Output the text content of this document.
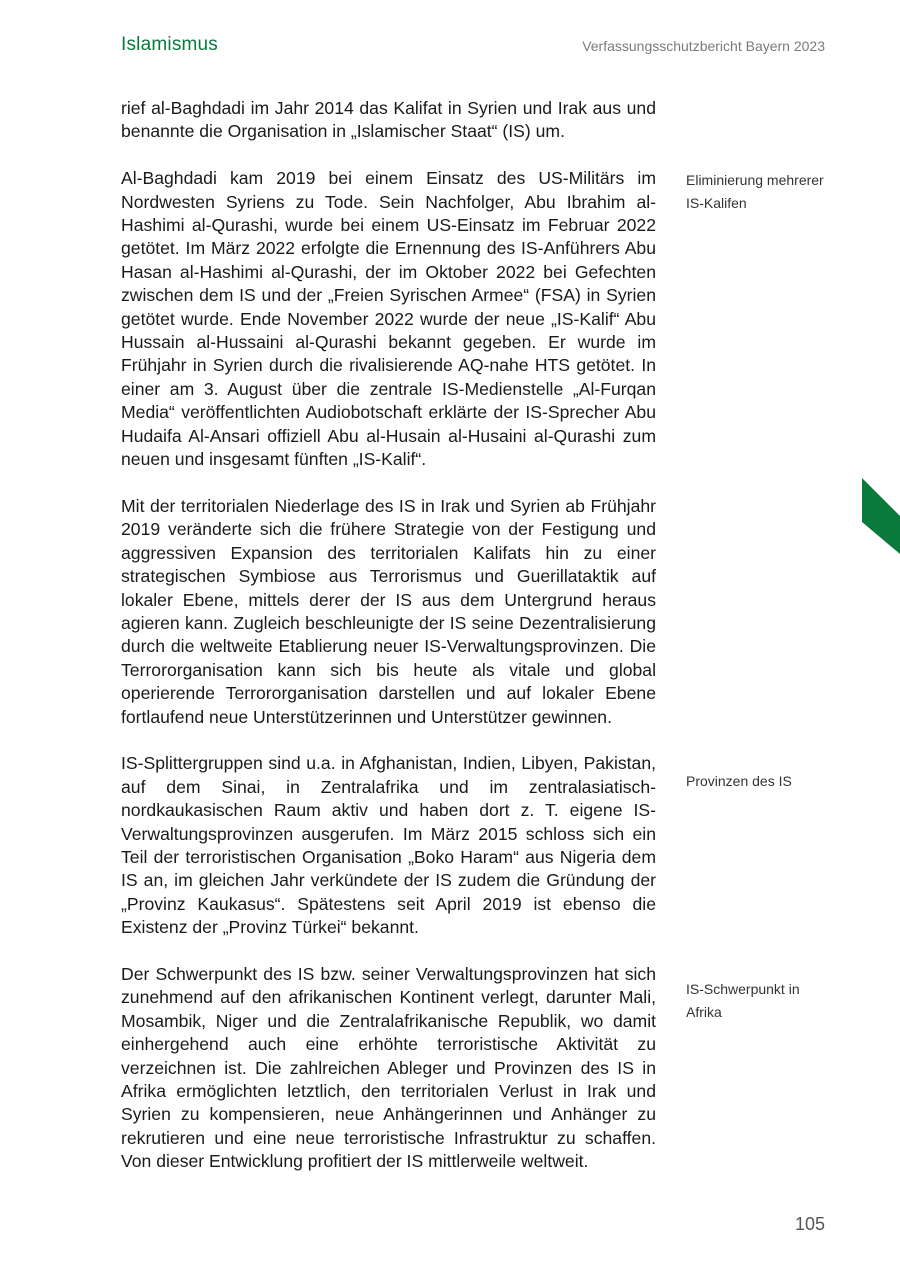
Islamismus	Verfassungsschutzbericht Bayern 2023

rief al-Baghdadi im Jahr 2014 das Kalifat in Syrien und Irak aus und benannte die Organisation in „Islamischer Staat“ (IS) um.

Al-Baghdadi kam 2019 bei einem Einsatz des US-Militärs im Nordwesten Syriens zu Tode. Sein Nachfolger, Abu Ibrahim al-Hashimi al-Qurashi, wurde bei einem US-Einsatz im Februar 2022 getötet. Im März 2022 erfolgte die Ernennung des IS-Anführers Abu Hasan al-Hashimi al-Qurashi, der im Oktober 2022 bei Gefechten zwischen dem IS und der „Freien Syrischen Armee“ (FSA) in Syrien getötet wurde. Ende November 2022 wurde der neue „IS-Kalif“ Abu Hussain al-Hussaini al-Qurashi bekannt gegeben. Er wurde im Frühjahr in Syrien durch die rivalisierende AQ-nahe HTS getötet. In einer am 3. August über die zentrale IS-Medienstelle „Al-Furqan Media“ veröffentlichten Audiobotschaft erklärte der IS-Sprecher Abu Hudaifa Al-Ansari offiziell Abu al-Husain al-Husaini al-Qurashi zum neuen und insgesamt fünften „IS-Kalif“.

Mit der territorialen Niederlage des IS in Irak und Syrien ab Frühjahr 2019 veränderte sich die frühere Strategie von der Festigung und aggressiven Expansion des territorialen Kalifats hin zu einer strategischen Symbiose aus Terrorismus und Guerillataktik auf lokaler Ebene, mittels derer der IS aus dem Untergrund heraus agieren kann. Zugleich beschleunigte der IS seine Dezentralisierung durch die weltweite Etablierung neuer IS-Verwaltungsprovinzen. Die Terrororganisation kann sich bis heute als vitale und global operierende Terrororganisation darstellen und auf lokaler Ebene fortlaufend neue Unterstützerinnen und Unterstützer gewinnen.

IS-Splittergruppen sind u.a. in Afghanistan, Indien, Libyen, Pakistan, auf dem Sinai, in Zentralafrika und im zentralasiatisch-nordkaukasischen Raum aktiv und haben dort z. T. eigene IS-Verwaltungsprovinzen ausgerufen. Im März 2015 schloss sich ein Teil der terroristischen Organisation „Boko Haram“ aus Nigeria dem IS an, im gleichen Jahr verkündete der IS zudem die Gründung der „Provinz Kaukasus“. Spätestens seit April 2019 ist ebenso die Existenz der „Provinz Türkei“ bekannt.

Der Schwerpunkt des IS bzw. seiner Verwaltungsprovinzen hat sich zunehmend auf den afrikanischen Kontinent verlegt, darunter Mali, Mosambik, Niger und die Zentralafrikanische Republik, wo damit einhergehend auch eine erhöhte terroristische Aktivität zu verzeichnen ist. Die zahlreichen Ableger und Provinzen des IS in Afrika ermöglichten letztlich, den territorialen Verlust in Irak und Syrien zu kompensieren, neue Anhängerinnen und Anhänger zu rekrutieren und eine neue terroristische Infrastruktur zu schaffen. Von dieser Entwicklung profitiert der IS mittlerweile weltweit.

Eliminierung mehrerer IS-Kalifen
Provinzen des IS
IS-Schwerpunkt in Afrika
105
